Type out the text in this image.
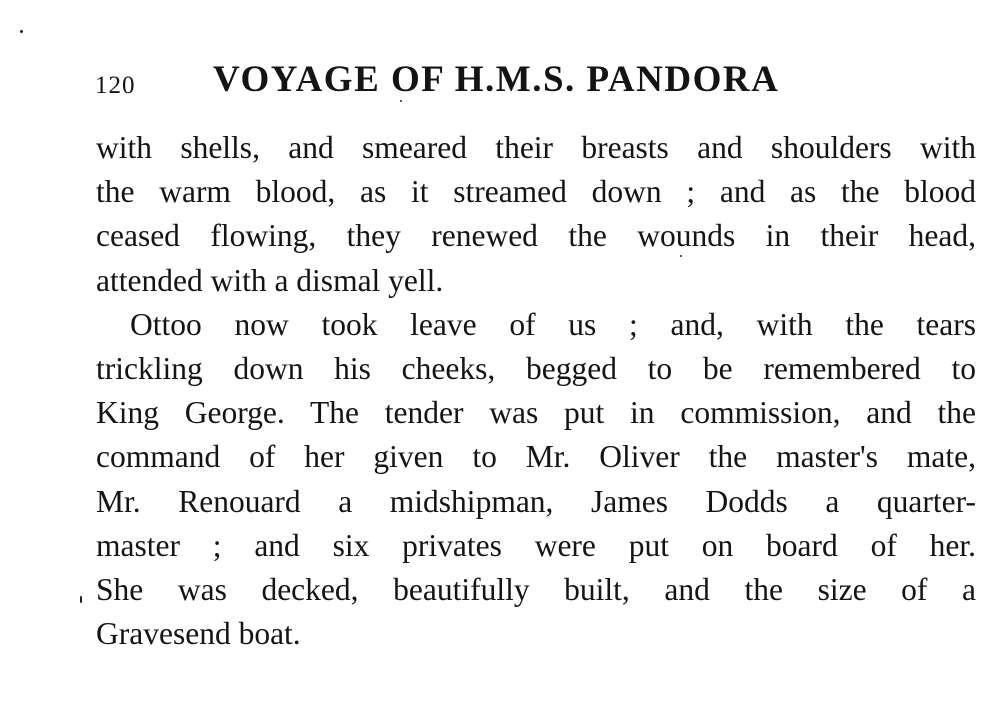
120 VOYAGE OF H.M.S. PANDORA
with shells, and smeared their breasts and shoulders with
the warm blood, as it streamed down ; and as the blood
ceased flowing, they renewed the wounds in their head,
attended with a dismal yell.
Ottoo now took leave of us ; and, with the tears
trickling down his cheeks, begged to be remembered to
King George. The tender was put in commission, and the
command of her given to Mr. Oliver the master's mate,
Mr. Renouard a midshipman, James Dodds a quarter-
master ; and six privates were put on board of her.
She was decked, beautifully built, and the size of a
Gravesend boat.
